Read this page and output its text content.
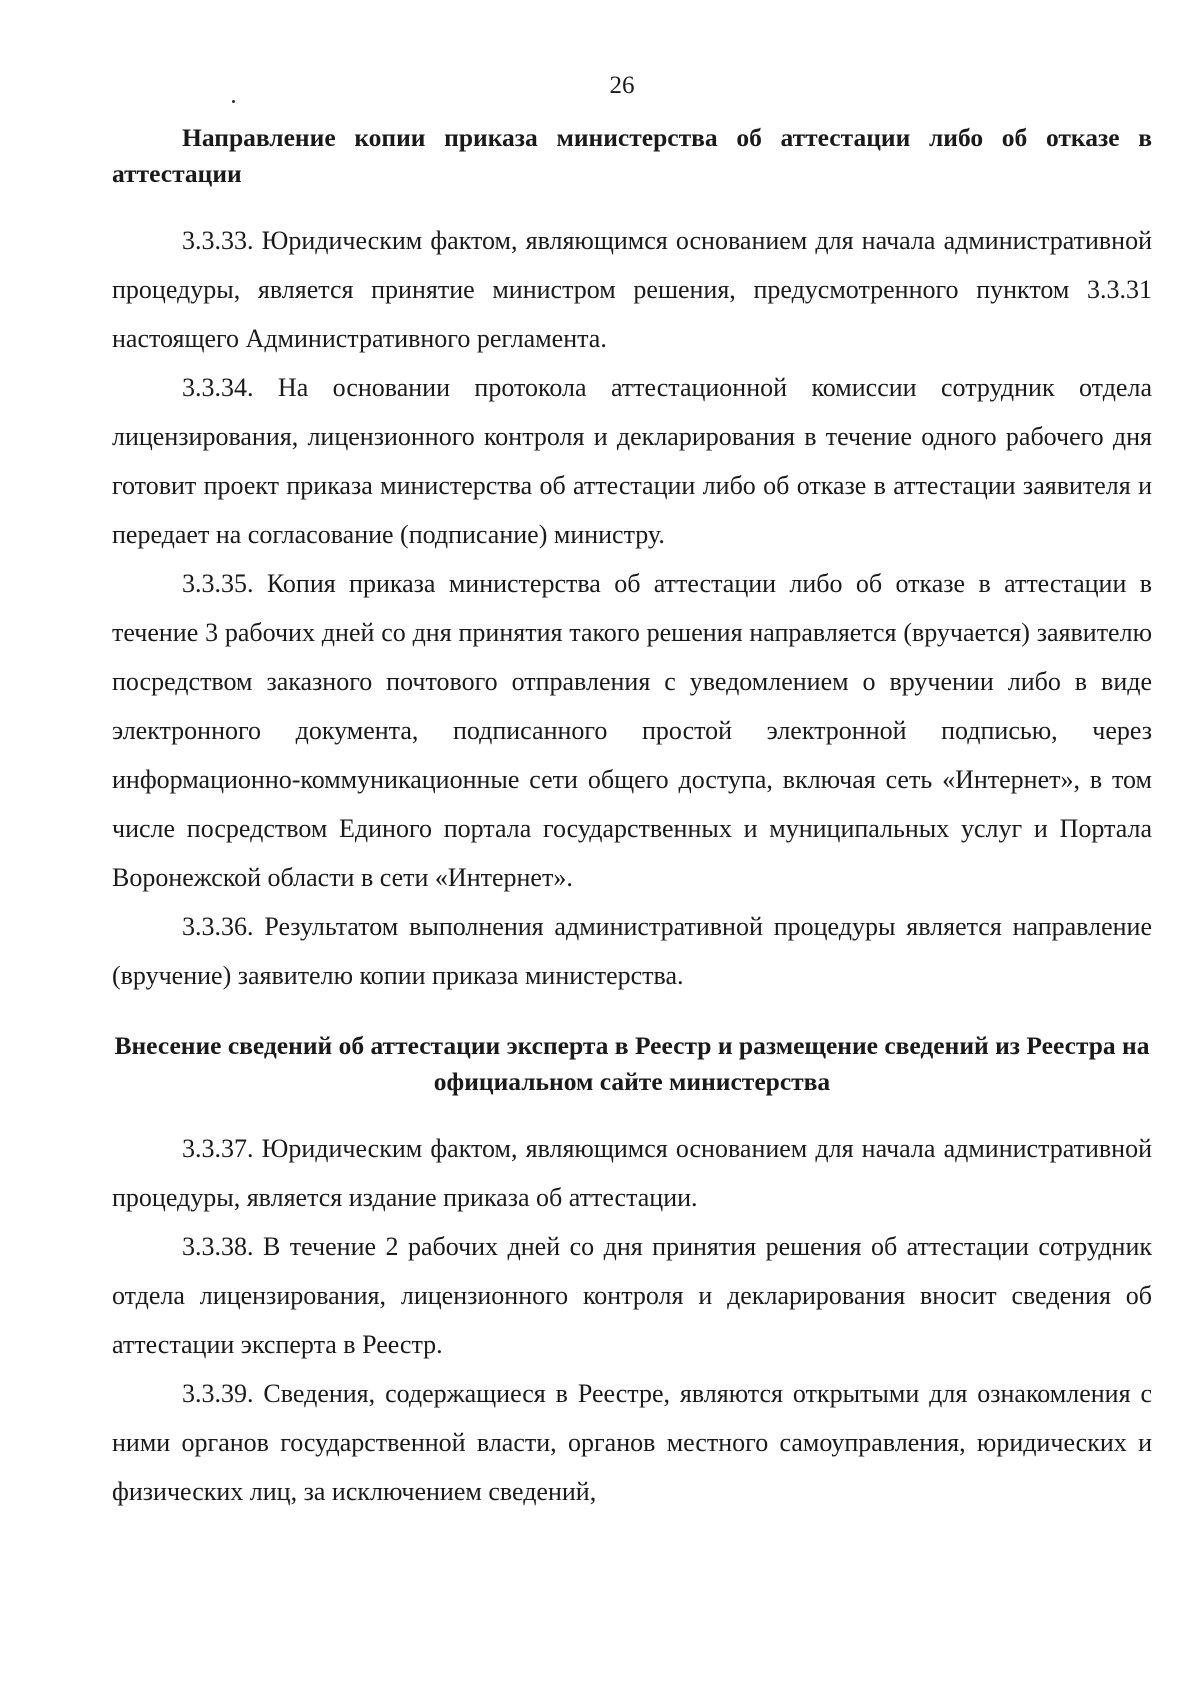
26
Направление копии приказа министерства об аттестации либо об отказе в аттестации

3.3.33. Юридическим фактом, являющимся основанием для начала административной процедуры, является принятие министром решения, предусмотренного пунктом 3.3.31 настоящего Административного регламента.

3.3.34. На основании протокола аттестационной комиссии сотрудник отдела лицензирования, лицензионного контроля и декларирования в течение одного рабочего дня готовит проект приказа министерства об аттестации либо об отказе в аттестации заявителя и передает на согласование (подписание) министру.

3.3.35. Копия приказа министерства об аттестации либо об отказе в аттестации в течение 3 рабочих дней со дня принятия такого решения направляется (вручается) заявителю посредством заказного почтового отправления с уведомлением о вручении либо в виде электронного документа, подписанного простой электронной подписью, через информационно-коммуникационные сети общего доступа, включая сеть «Интернет», в том числе посредством Единого портала государственных и муниципальных услуг и Портала Воронежской области в сети «Интернет».

3.3.36. Результатом выполнения административной процедуры является направление (вручение) заявителю копии приказа министерства.

Внесение сведений об аттестации эксперта в Реестр и размещение сведений из Реестра на официальном сайте министерства

3.3.37. Юридическим фактом, являющимся основанием для начала административной процедуры, является издание приказа об аттестации.

3.3.38. В течение 2 рабочих дней со дня принятия решения об аттестации сотрудник отдела лицензирования, лицензионного контроля и декларирования вносит сведения об аттестации эксперта в Реестр.

3.3.39. Сведения, содержащиеся в Реестре, являются открытыми для ознакомления с ними органов государственной власти, органов местного самоуправления, юридических и физических лиц, за исключением сведений,
